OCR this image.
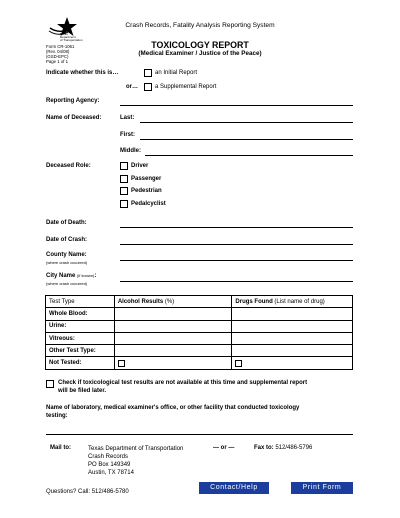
Texas
Department
of Transportation
Form CR-1061
(Rev. 04/08)
(GSD-EPC)
Page 1 of 1
Crash Records, Fatality Analysis Reporting System
TOXICOLOGY REPORT
(Medical Examiner / Justice of the Peace)
Indicate whether this is…	an Initial Report
or…	a Supplemental Report
Reporting Agency:
Name of Deceased:	Last:
First:
Middle:
Deceased Role:	Driver
Passenger
Pedestrian
Pedalcyclist
Date of Death:
Date of Crash:
County Name:
(where crash occurred)
City Name (if known):
(where crash occurred)
Test Type	Alcohol Results (%)	Drugs Found (List name of drug)
Whole Blood:		
Urine:		
Vitreous:		
Other Test Type:		
Not Tested:	

Check if toxicological test results are not available at this time and supplemental report
will be filed later.
Name of laboratory, medical examiner's office, or other facility that conducted toxicology
testing:
Mail to:	Texas Department of Transportation
Crash Records
PO Box 149349
Austin, TX 78714
— or —	Fax to: 512/486-5796
Questions? Call: 512/486-5780
Contact/Help	Print Form
